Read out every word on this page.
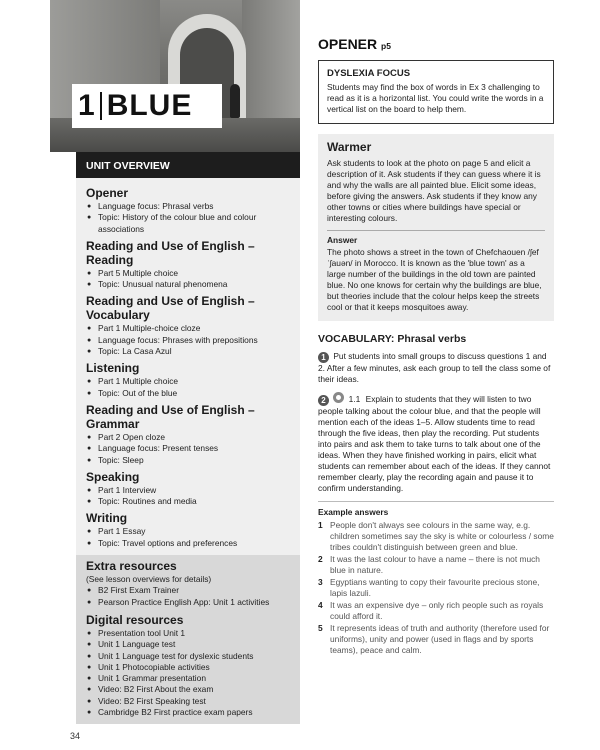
1 BLUE
UNIT OVERVIEW
Opener
● Language focus: Phrasal verbs
● Topic: History of the colour blue and colour associations
Reading and Use of English – Reading
● Part 5 Multiple choice
● Topic: Unusual natural phenomena
Reading and Use of English – Vocabulary
● Part 1 Multiple-choice cloze
● Language focus: Phrases with prepositions
● Topic: La Casa Azul
Listening
● Part 1 Multiple choice
● Topic: Out of the blue
Reading and Use of English – Grammar
● Part 2 Open cloze
● Language focus: Present tenses
● Topic: Sleep
Speaking
● Part 1 Interview
● Topic: Routines and media
Writing
● Part 1 Essay
● Topic: Travel options and preferences
Extra resources
(See lesson overviews for details)
● B2 First Exam Trainer
● Pearson Practice English App: Unit 1 activities
Digital resources
● Presentation tool Unit 1
● Unit 1 Language test
● Unit 1 Language test for dyslexic students
● Unit 1 Photocopiable activities
● Unit 1 Grammar presentation
● Video: B2 First About the exam
● Video: B2 First Speaking test
● Cambridge B2 First practice exam papers
34
OPENER p5
DYSLEXIA FOCUS

Students may find the box of words in Ex 3 challenging to read as it is a horizontal list. You could write the words in a vertical list on the board to help them.

Warmer

Ask students to look at the photo on page 5 and elicit a description of it. Ask students if they can guess where it is and why the walls are all painted blue. Elicit some ideas, before giving the answers. Ask students if they know any other towns or cities where buildings have special or interesting colours.

Answer

The photo shows a street in the town of Chefchaouen /ʃefˈʃauən/ in Morocco. It is known as the 'blue town' as a large number of the buildings in the old town are painted blue. No one knows for certain why the buildings are blue, but theories include that the colour helps keep the streets cool or that it keeps mosquitoes away.

VOCABULARY: Phrasal verbs
1 Put students into small groups to discuss questions 1 and 2. After a few minutes, ask each group to tell the class some of their ideas.
2	1.1 Explain to students that they will listen to two people talking about the colour blue, and that the people will mention each of the ideas 1–5. Allow students time to read through the five ideas, then play the recording. Put students into pairs and ask them to take turns to talk about one of the ideas. When they have finished working in pairs, elicit what students can remember about each of the ideas. If they cannot remember clearly, play the recording again and pause it to confirm understanding.
Example answers
1 People don't always see colours in the same way, e.g. children sometimes say the sky is white or colourless / some tribes couldn't distinguish between green and blue.
2 It was the last colour to have a name – there is not much blue in nature.
3 Egyptians wanting to copy their favourite precious stone, lapis lazuli.
4 It was an expensive dye – only rich people such as royals could afford it.
5 It represents ideas of truth and authority (therefore used for uniforms), unity and power (used in flags and by sports teams), peace and calm.
